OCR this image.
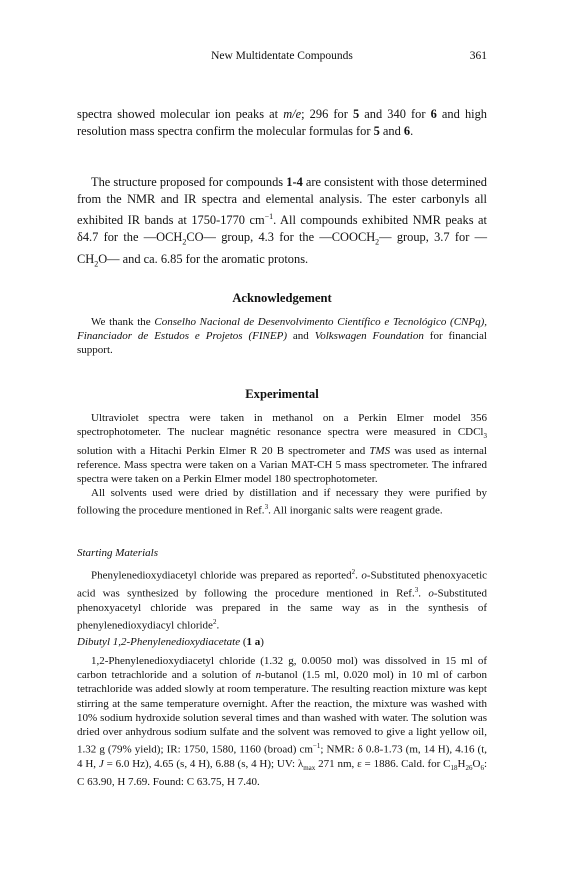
New Multidentate Compounds	361

spectra showed molecular ion peaks at m/e; 296 for 5 and 340 for 6 and high resolution mass spectra confirm the molecular formulas for 5 and 6.

The structure proposed for compounds 1-4 are consistent with those determined from the NMR and IR spectra and elemental analysis. The ester carbonyls all exhibited IR bands at 1750-1770 $cm^{-1}$. All compounds exhibited NMR peaks at δ4.7 for the $—OCH_2CO—$ group, 4.3 for the $—COOCH_2—$ group, 3.7 for $—CH_2O—$ and ca. 6.85 for the aromatic protons.

Acknowledgement

We thank the Conselho Nacional de Desenvolvimento Científico e Tecnológico (CNPq), Financiador de Estudos e Projetos (FINEP) and Volkswagen Foundation for financial support.

Experimental

Ultraviolet spectra were taken in methanol on a Perkin Elmer model 356 spectrophotometer. The nuclear magnétic resonance spectra were measured in CDCl$_3$ solution with a Hitachi Perkin Elmer R 20 B spectrometer and TMS was used as internal reference. Mass spectra were taken on a Varian MAT-CH 5 mass spectrometer. The infrared spectra were taken on a Perkin Elmer model 180 spectrophotometer.

All solvents used were dried by distillation and if necessary they were purified by following the procedure mentioned in Ref.$^3$. All inorganic salts were reagent grade.

Starting Materials

Phenylenedioxydiacetyl chloride was prepared as reported$^2$. o-Substituted phenoxyacetic acid was synthesized by following the procedure mentioned in Ref.$^3$. o-Substituted phenoxyacetyl chloride was prepared in the same way as in the synthesis of phenylenedioxydiacyl chloride$^2$.

Dibutyl 1,2-Phenylenedioxydiacetate (1 a)

1,2-Phenylenedioxydiacetyl chloride (1.32 g, 0.0050 mol) was dissolved in 15 ml of carbon tetrachloride and a solution of n-butanol (1.5 ml, 0.020 mol) in 10 ml of carbon tetrachloride was added slowly at room temperature. The resulting reaction mixture was kept stirring at the same temperature overnight. After the reaction, the mixture was washed with 10% sodium hydroxide solution several times and than washed with water. The solution was dried over anhydrous sodium sulfate and the solvent was removed to give a light yellow oil, 1.32 g (79% yield); IR: 1750, 1580, 1160 (broad) $cm^{-1}$; NMR: δ 0.8-1.73 (m, 14 H), 4.16 (t, 4 H, J = 6.0 Hz), 4.65 (s, 4 H), 6.88 (s, 4 H); UV: $\lambda_{max}$ 271 nm, ε = 1886. Cald. for $C_{18}H_{26}O_6$: C 63.90, H 7.69. Found: C 63.75, H 7.40.
